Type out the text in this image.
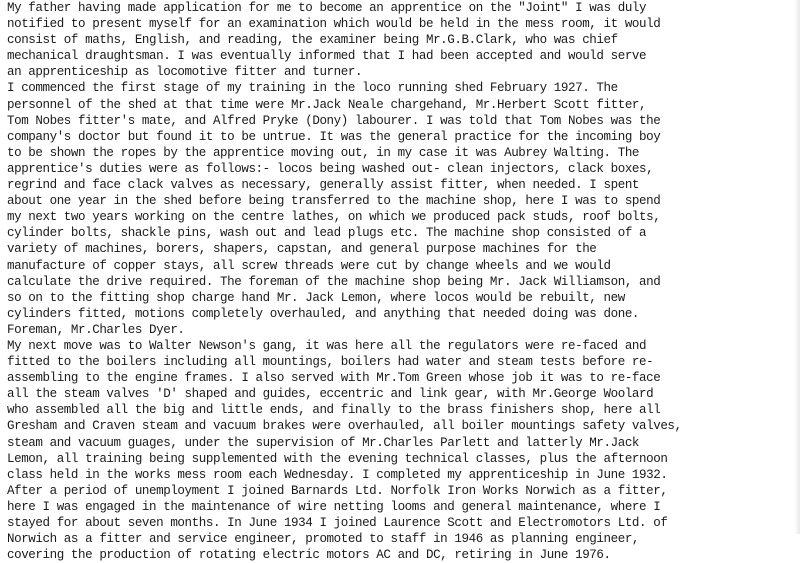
My father having made application for me to become an apprentice on the "Joint" I was duly
notified to present myself for an examination which would be held in the mess room, it would
consist of maths, English, and reading, the examiner being Mr.G.B.Clark, who was chief
mechanical draughtsman. I was eventually informed that I had been accepted and would serve
an apprenticeship as locomotive fitter and turner.
I commenced the first stage of my training in the loco running shed February 1927. The
personnel of the shed at that time were Mr.Jack Neale chargehand, Mr.Herbert Scott fitter,
Tom Nobes fitter's mate, and Alfred Pryke (Dony) labourer. I was told that Tom Nobes was the
company's doctor but found it to be untrue. It was the general practice for the incoming boy
to be shown the ropes by the apprentice moving out, in my case it was Aubrey Walting. The
apprentice's duties were as follows:- locos being washed out- clean injectors, clack boxes,
regrind and face clack valves as necessary, generally assist fitter, when needed. I spent
about one year in the shed before being transferred to the machine shop, here I was to spend
my next two years working on the centre lathes, on which we produced pack studs, roof bolts,
cylinder bolts, shackle pins, wash out and lead plugs etc. The machine shop consisted of a
variety of machines, borers, shapers, capstan, and general purpose machines for the
manufacture of copper stays, all screw threads were cut by change wheels and we would
calculate the drive required. The foreman of the machine shop being Mr. Jack Williamson, and
so on to the fitting shop charge hand Mr. Jack Lemon, where locos would be rebuilt, new
cylinders fitted, motions completely overhauled, and anything that needed doing was done.
Foreman, Mr.Charles Dyer.
My next move was to Walter Newson's gang, it was here all the regulators were re-faced and
fitted to the boilers including all mountings, boilers had water and steam tests before re-
assembling to the engine frames. I also served with Mr.Tom Green whose job it was to re-face
all the steam valves 'D' shaped and guides, eccentric and link gear, with Mr.George Woolard
who assembled all the big and little ends, and finally to the brass finishers shop, here all
Gresham and Craven steam and vacuum brakes were overhauled, all boiler mountings safety valves,
steam and vacuum guages, under the supervision of Mr.Charles Parlett and latterly Mr.Jack
Lemon, all training being supplemented with the evening technical classes, plus the afternoon
class held in the works mess room each Wednesday. I completed my apprenticeship in June 1932.
After a period of unemployment I joined Barnards Ltd. Norfolk Iron Works Norwich as a fitter,
here I was engaged in the maintenance of wire netting looms and general maintenance, where I
stayed for about seven months. In June 1934 I joined Laurence Scott and Electromotors Ltd. of
Norwich as a fitter and service engineer, promoted to staff in 1946 as planning engineer,
covering the production of rotating electric motors AC and DC, retiring in June 1976.
